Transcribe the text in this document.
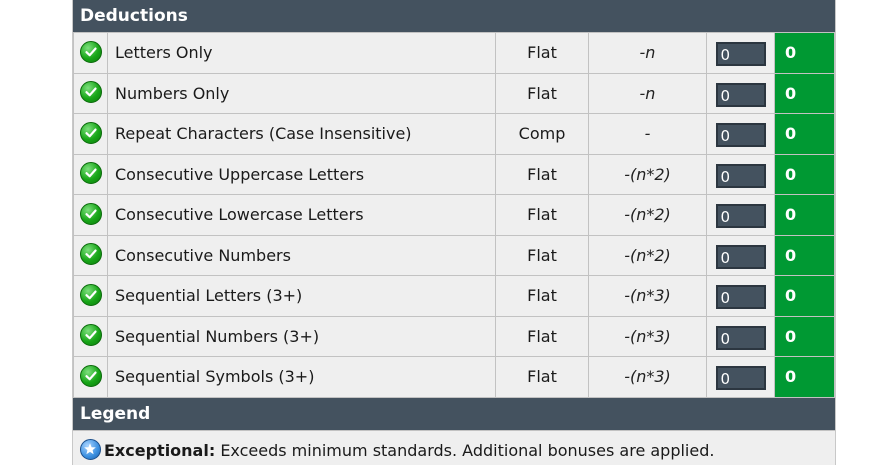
Deductions
	Letters Only	Flat	-n	0	0

	Numbers Only	Flat	-n	0	0

	Repeat Characters (Case Insensitive)	Comp	-	0	0

	Consecutive Uppercase Letters	Flat	-(n*2)	0	0

	Consecutive Lowercase Letters	Flat	-(n*2)	0	0

	Consecutive Numbers	Flat	-(n*2)	0	0

	Sequential Letters (3+)	Flat	-(n*3)	0	0

	Sequential Numbers (3+)	Flat	-(n*3)	0	0

	Sequential Symbols (3+)	Flat	-(n*3)	0	0
Legend
Exceptional: Exceeds minimum standards. Additional bonuses are applied.
